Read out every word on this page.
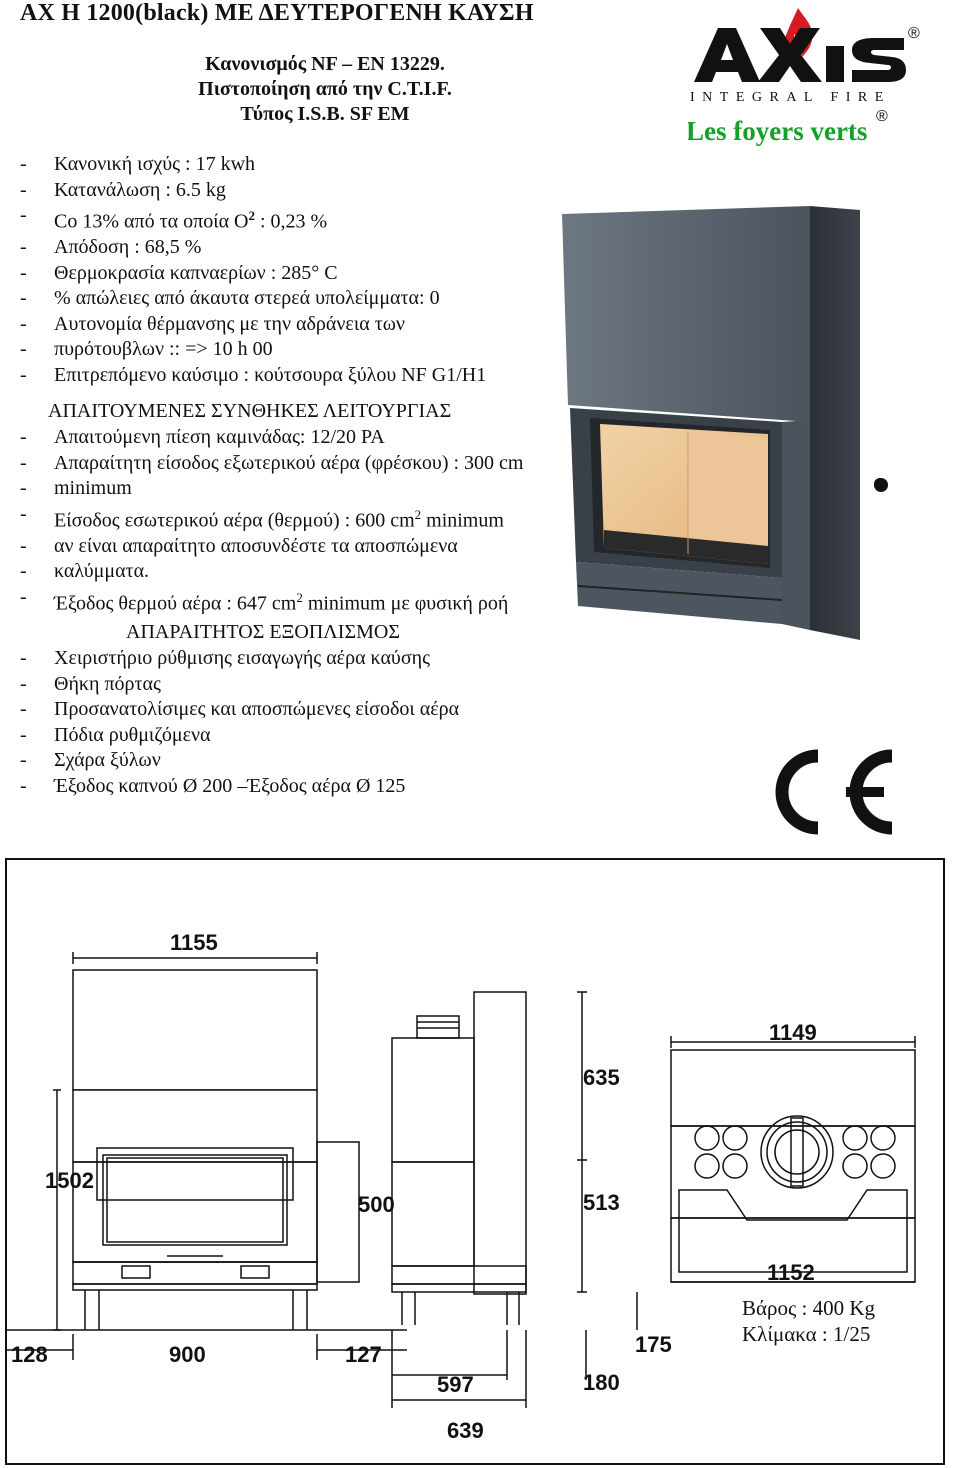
ΑΧ Η 1200(black) ΜΕ ΔΕΥΤΕΡΟΓΕΝΗ ΚΑΥΣΗ
Κανονισμός NF – EN 13229.
Πιστοποίηση από την C.T.I.F.
Τύπος I.S.B. SF EM
- Κανονική ισχύς : 17 kwh
- Κατανάλωση : 6.5 kg
- Co 13% από τα οποία $O^2$ : 0,23 %
- Απόδοση : 68,5 %
- Θερμοκρασία καπναερίων : 285° C
- % απώλειες από άκαυτα στερεά υπολείμματα: 0
- Αυτονομία θέρμανσης με την αδράνεια των
- πυρότουβλων :: => 10 h 00
- Επιτρεπόμενο καύσιμο : κούτσουρα ξύλου NF G1/H1
ΑΠΑΙΤΟΥΜΕΝΕΣ ΣΥΝΘΗΚΕΣ ΛΕΙΤΟΥΡΓΙΑΣ
- Απαιτούμενη πίεση καμινάδας: 12/20 PA
- Απαραίτητη είσοδος εξωτερικού αέρα (φρέσκου) : 300 cm
- minimum
- Είσοδος εσωτερικού αέρα (θερμού) : 600 $cm^2$ minimum
- αν είναι απαραίτητο αποσυνδέστε τα αποσπώμενα
- καλύμματα.
- Έξοδος θερμού αέρα : 647 $cm^2$ minimum με φυσική ροή
ΑΠΑΡΑΙΤΗΤΟΣ ΕΞΟΠΛΙΣΜΟΣ
- Χειριστήριο ρύθμισης εισαγωγής αέρα καύσης
- Θήκη πόρτας
- Προσανατολίσιμες και αποσπώμενες είσοδοι αέρα
- Πόδια ρυθμιζόμενα
- Σχάρα ξύλων
- Έξοδος καπνού Ø 200 –Έξοδος αέρα Ø 125
®
INTEGRAL FIRE
®
Les foyers verts
1155
1502
500
128	900	127
635
513
597
639
180
1149
1152
175
Βάρος : 400 Kg
Κλίμακα : 1/25
